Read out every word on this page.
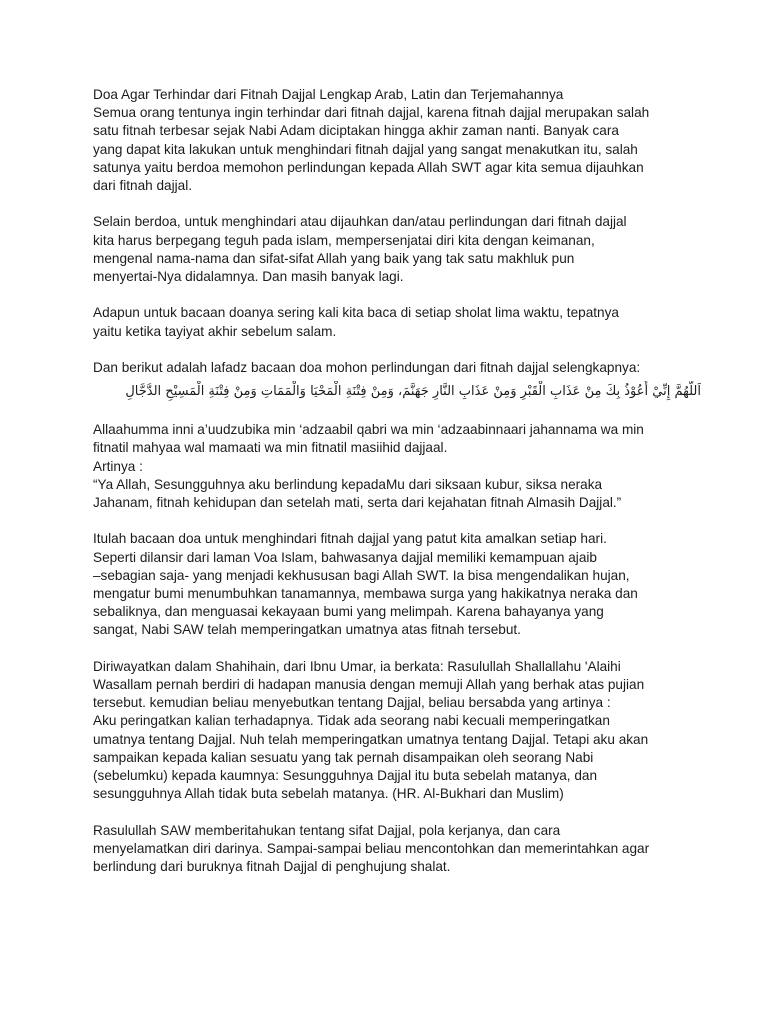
Doa Agar Terhindar dari Fitnah Dajjal Lengkap Arab, Latin dan Terjemahannya
Semua orang tentunya ingin terhindar dari fitnah dajjal, karena fitnah dajjal merupakan salah
satu fitnah terbesar sejak Nabi Adam diciptakan hingga akhir zaman nanti. Banyak cara
yang dapat kita lakukan untuk menghindari fitnah dajjal yang sangat menakutkan itu, salah
satunya yaitu berdoa memohon perlindungan kepada Allah SWT agar kita semua dijauhkan
dari fitnah dajjal.
Selain berdoa, untuk menghindari atau dijauhkan dan/atau perlindungan dari fitnah dajjal
kita harus berpegang teguh pada islam, mempersenjatai diri kita dengan keimanan,
mengenal nama-nama dan sifat-sifat Allah yang baik yang tak satu makhluk pun
menyertai-Nya didalamnya. Dan masih banyak lagi.
Adapun untuk bacaan doanya sering kali kita baca di setiap sholat lima waktu, tepatnya
yaitu ketika tayiyat akhir sebelum salam.
Dan berikut adalah lafadz bacaan doa mohon perlindungan dari fitnah dajjal selengkapnya:
اَللَّهُمَّ إِنِّيْ أَعُوْذُ بِكَ مِنْ عَذَابِ الْقَبْرِ وَمِنْ عَذَابِ النَّارِ جَهَنَّمَ، وَمِنْ فِتْنَةِ الْمَحْيَا وَالْمَمَاتِ وَمِنْ فِتْنَةِ الْمَسِيْحِ الدَّجَّالِ
Allaahumma inni a’uudzubika min ‘adzaabil qabri wa min ‘adzaabinnaari jahannama wa min
fitnatil mahyaa wal mamaati wa min fitnatil masiihid dajjaal.
Artinya :
“Ya Allah, Sesungguhnya aku berlindung kepadaMu dari siksaan kubur, siksa neraka
Jahanam, fitnah kehidupan dan setelah mati, serta dari kejahatan fitnah Almasih Dajjal.”
Itulah bacaan doa untuk menghindari fitnah dajjal yang patut kita amalkan setiap hari.
Seperti dilansir dari laman Voa Islam, bahwasanya dajjal memiliki kemampuan ajaib
–sebagian saja- yang menjadi kekhususan bagi Allah SWT. Ia bisa mengendalikan hujan,
mengatur bumi menumbuhkan tanamannya, membawa surga yang hakikatnya neraka dan
sebaliknya, dan menguasai kekayaan bumi yang melimpah. Karena bahayanya yang
sangat, Nabi SAW telah memperingatkan umatnya atas fitnah tersebut.
Diriwayatkan dalam Shahihain, dari Ibnu Umar, ia berkata: Rasulullah Shallallahu 'Alaihi
Wasallam pernah berdiri di hadapan manusia dengan memuji Allah yang berhak atas pujian
tersebut. kemudian beliau menyebutkan tentang Dajjal, beliau bersabda yang artinya :
Aku peringatkan kalian terhadapnya. Tidak ada seorang nabi kecuali memperingatkan
umatnya tentang Dajjal. Nuh telah memperingatkan umatnya tentang Dajjal. Tetapi aku akan
sampaikan kepada kalian sesuatu yang tak pernah disampaikan oleh seorang Nabi
(sebelumku) kepada kaumnya: Sesungguhnya Dajjal itu buta sebelah matanya, dan
sesungguhnya Allah tidak buta sebelah matanya. (HR. Al-Bukhari dan Muslim)
Rasulullah SAW memberitahukan tentang sifat Dajjal, pola kerjanya, dan cara
menyelamatkan diri darinya. Sampai-sampai beliau mencontohkan dan memerintahkan agar
berlindung dari buruknya fitnah Dajjal di penghujung shalat.
